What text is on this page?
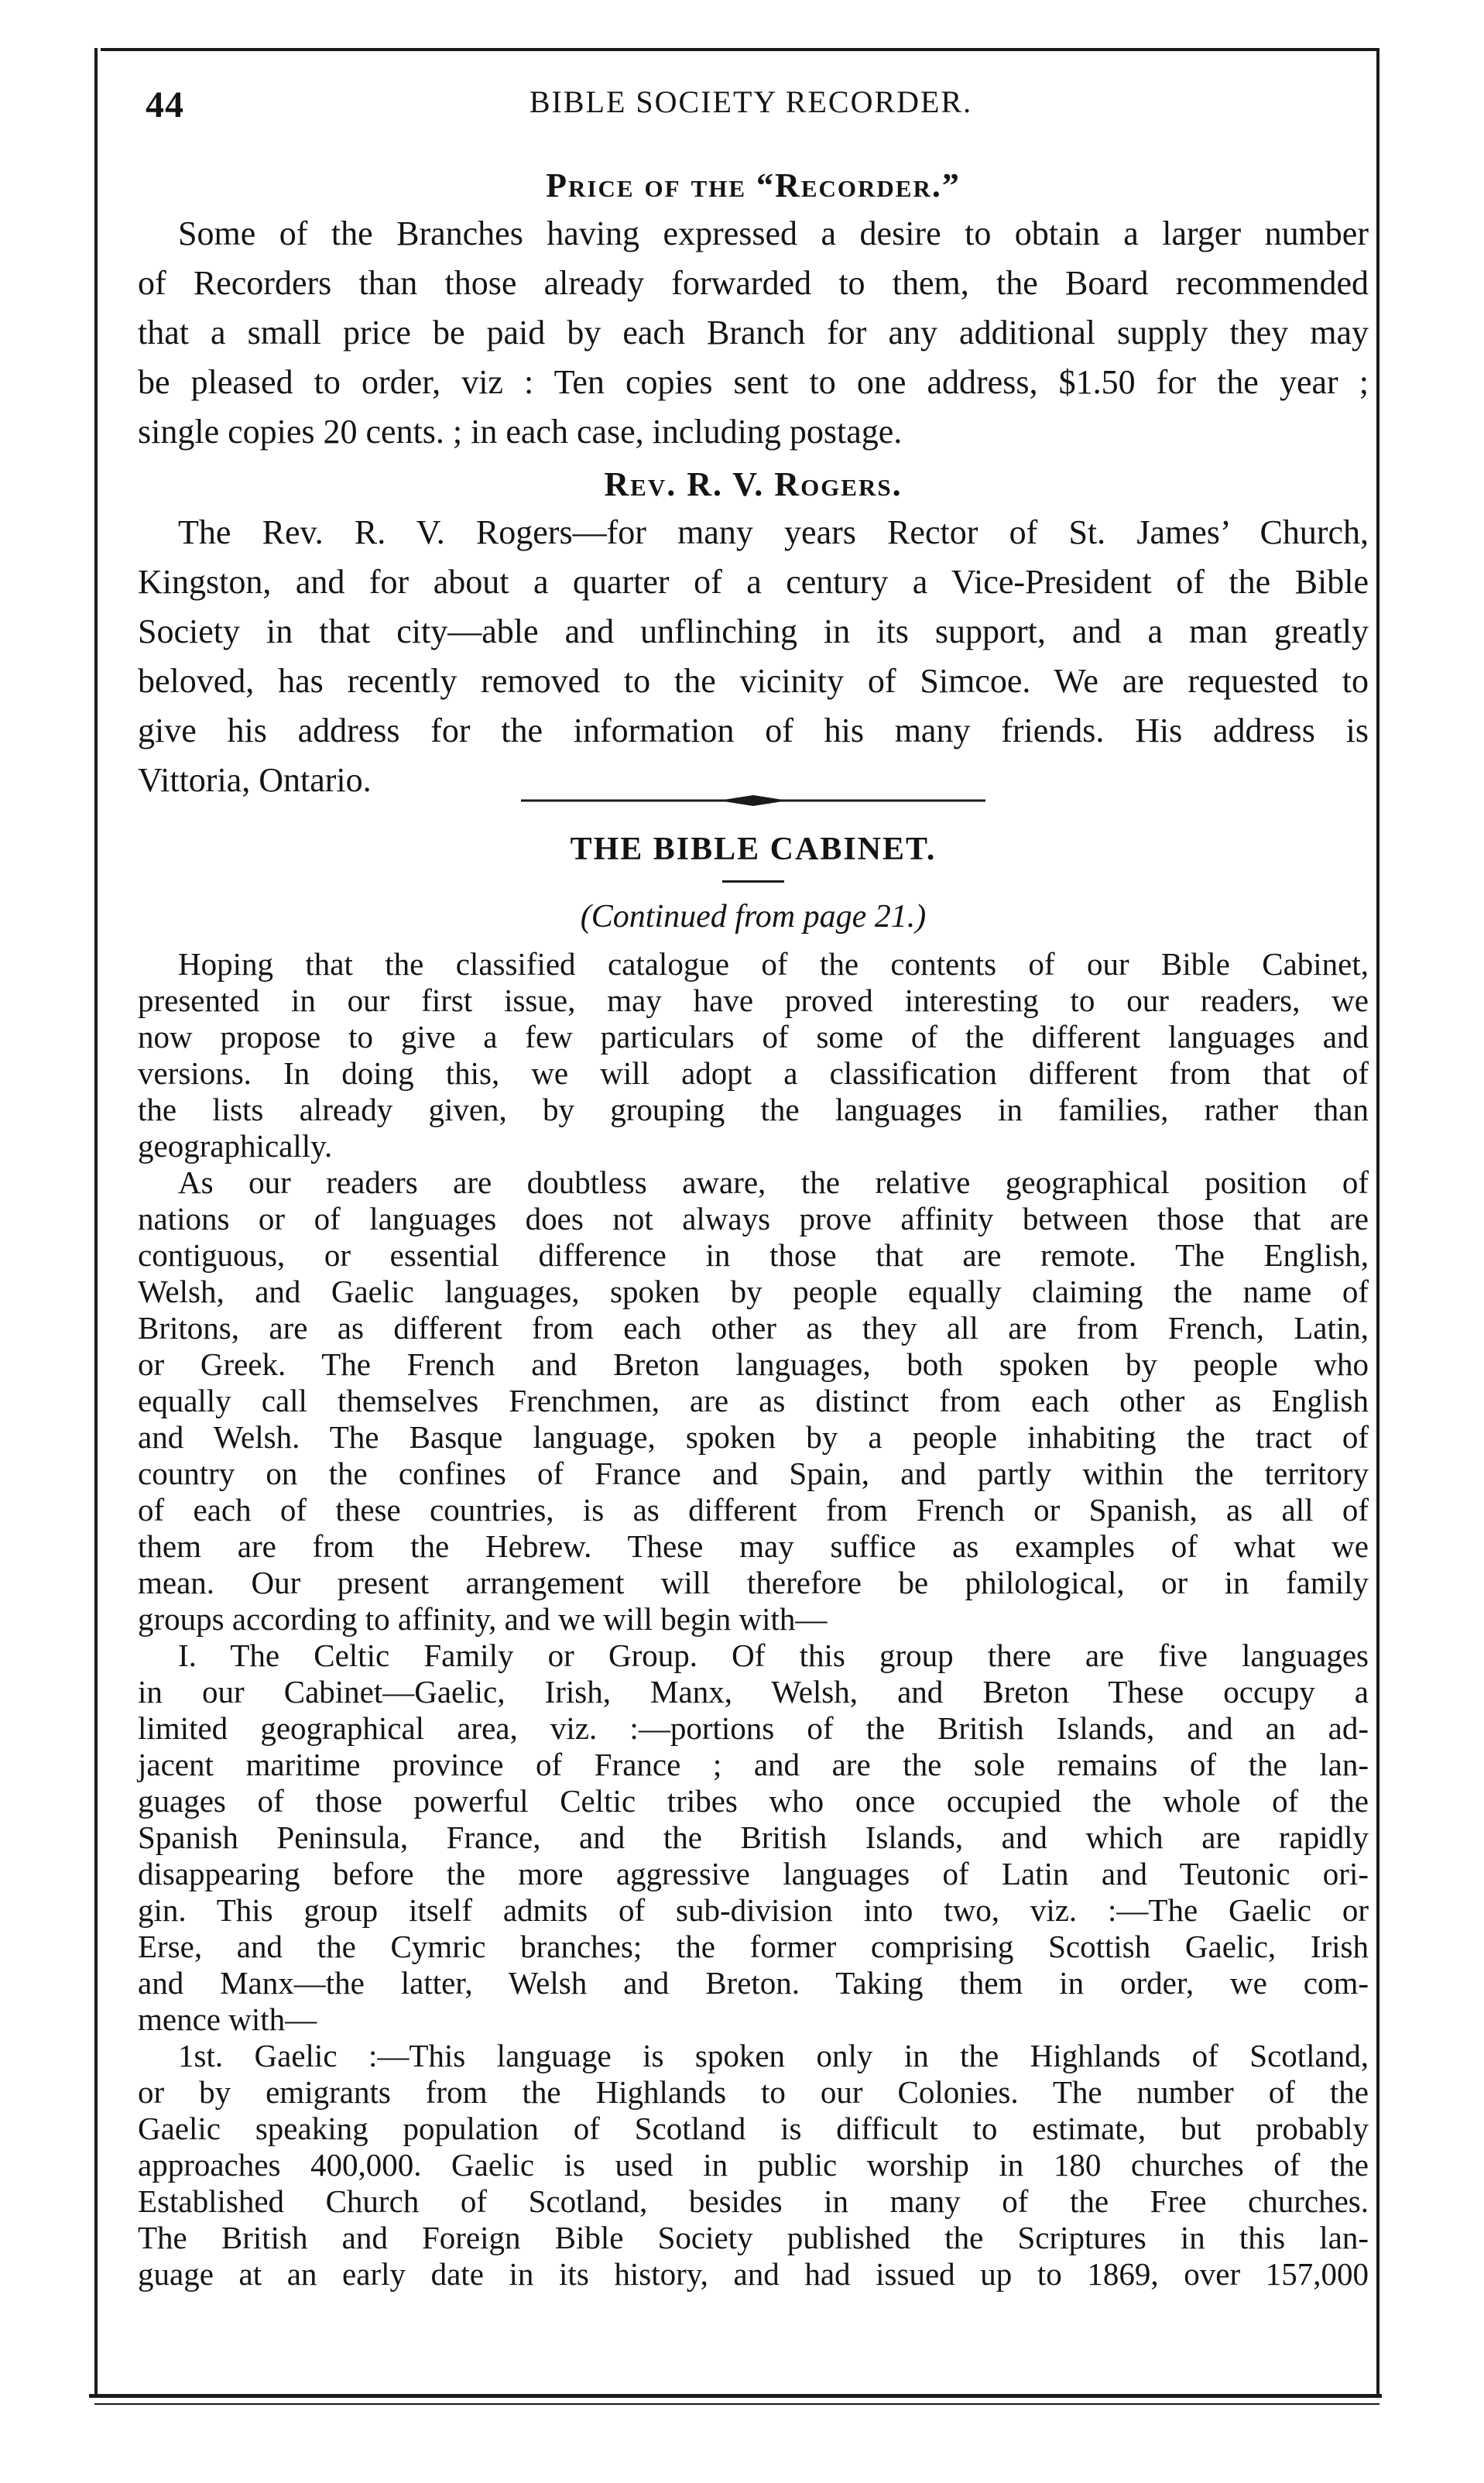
44	BIBLE SOCIETY RECORDER.
Price of the “Recorder.”

Some of the Branches having expressed a desire to obtain a larger number
of Recorders than those already forwarded to them, the Board recommended
that a small price be paid by each Branch for any additional supply they may
be pleased to order, viz : Ten copies sent to one address, $1.50 for the year ;
single copies 20 cents. ; in each case, including postage.

Rev. R. V. Rogers.

The Rev. R. V. Rogers—for many years Rector of St. James’ Church,
Kingston, and for about a quarter of a century a Vice-President of the Bible
Society in that city—able and unflinching in its support, and a man greatly
beloved, has recently removed to the vicinity of Simcoe. We are requested to
give his address for the information of his many friends. His address is
Vittoria, Ontario.

THE BIBLE CABINET.

(Continued from page 21.)

Hoping that the classified catalogue of the contents of our Bible Cabinet,
presented in our first issue, may have proved interesting to our readers, we
now propose to give a few particulars of some of the different languages and
versions. In doing this, we will adopt a classification different from that of
the lists already given, by grouping the languages in families, rather than
geographically.

As our readers are doubtless aware, the relative geographical position of
nations or of languages does not always prove affinity between those that are
contiguous, or essential difference in those that are remote. The English,
Welsh, and Gaelic languages, spoken by people equally claiming the name of
Britons, are as different from each other as they all are from French, Latin,
or Greek. The French and Breton languages, both spoken by people who
equally call themselves Frenchmen, are as distinct from each other as English
and Welsh. The Basque language, spoken by a people inhabiting the tract of
country on the confines of France and Spain, and partly within the territory
of each of these countries, is as different from French or Spanish, as all of
them are from the Hebrew. These may suffice as examples of what we
mean. Our present arrangement will therefore be philological, or in family
groups according to affinity, and we will begin with—

I. The Celtic Family or Group. Of this group there are five languages
in our Cabinet—Gaelic, Irish, Manx, Welsh, and Breton These occupy a
limited geographical area, viz. :—portions of the British Islands, and an ad-
jacent maritime province of France ; and are the sole remains of the lan-
guages of those powerful Celtic tribes who once occupied the whole of the
Spanish Peninsula, France, and the British Islands, and which are rapidly
disappearing before the more aggressive languages of Latin and Teutonic ori-
gin. This group itself admits of sub-division into two, viz. :—The Gaelic or
Erse, and the Cymric branches; the former comprising Scottish Gaelic, Irish
and Manx—the latter, Welsh and Breton. Taking them in order, we com-
mence with—

1st. Gaelic :—This language is spoken only in the Highlands of Scotland,
or by emigrants from the Highlands to our Colonies. The number of the
Gaelic speaking population of Scotland is difficult to estimate, but probably
approaches 400,000. Gaelic is used in public worship in 180 churches of the
Established Church of Scotland, besides in many of the Free churches.
The British and Foreign Bible Society published the Scriptures in this lan-
guage at an early date in its history, and had issued up to 1869, over 157,000
